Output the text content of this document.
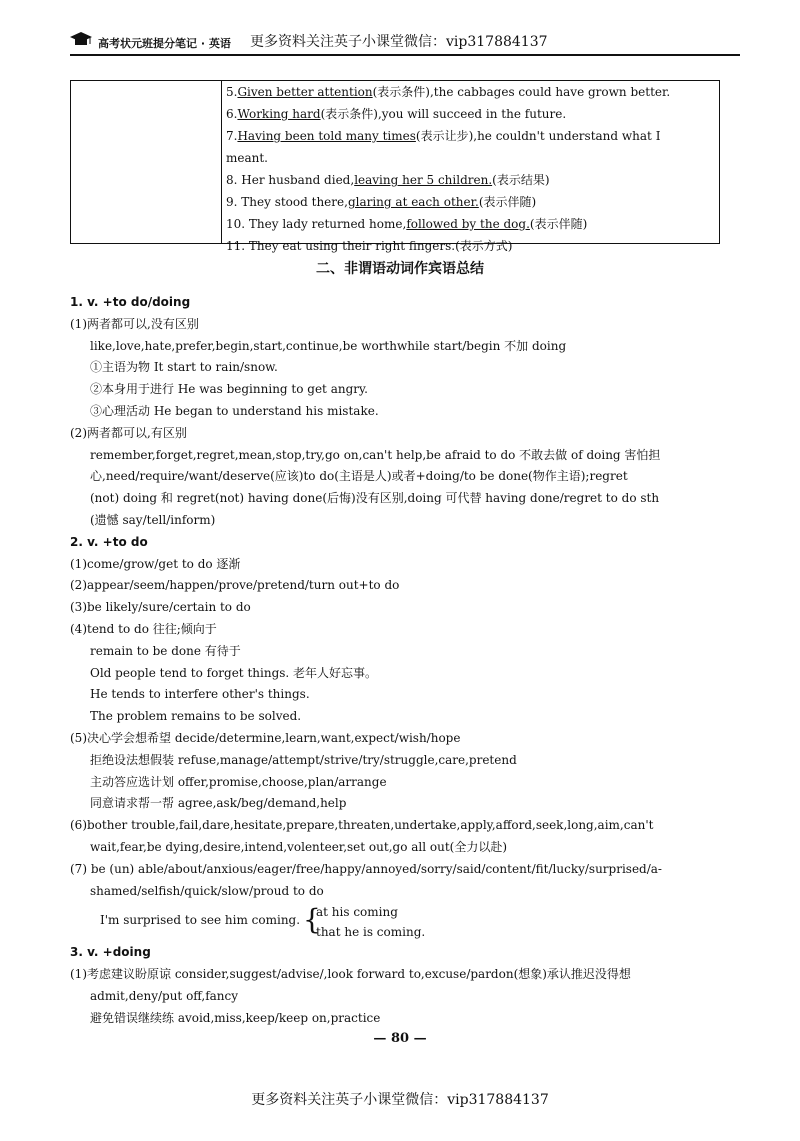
高考状元班提分笔记 · 英语 更多资料关注英子小课堂微信：vip317884137
5.Given better attention(表示条件),the cabbages could have grown better.
6.Working hard(表示条件),you will succeed in the future.
7.Having been told many times(表示让步),he couldn't understand what I
meant.
8. Her husband died,leaving her 5 children.(表示结果)
9. They stood there,glaring at each other.(表示伴随)
10. They lady returned home,followed by the dog.(表示伴随)
11. They eat using their right fingers.(表示方式)
二、非谓语动词作宾语总结
1. v. +to do/doing
(1)两者都可以,没有区别
like,love,hate,prefer,begin,start,continue,be worthwhile start/begin 不加 doing
①主语为物 It start to rain/snow.
②本身用于进行 He was beginning to get angry.
③心理活动 He began to understand his mistake.
(2)两者都可以,有区别
remember,forget,regret,mean,stop,try,go on,can't help,be afraid to do 不敢去做 of doing 害怕担
心,need/require/want/deserve(应该)to do(主语是人)或者+doing/to be done(物作主语);regret
(not) doing 和 regret(not) having done(后悔)没有区别,doing 可代替 having done/regret to do sth
(遗憾 say/tell/inform)
2. v. +to do
(1)come/grow/get to do 逐渐
(2)appear/seem/happen/prove/pretend/turn out+to do
(3)be likely/sure/certain to do
(4)tend to do 往往;倾向于
remain to be done 有待于
Old people tend to forget things. 老年人好忘事。
He tends to interfere other's things.
The problem remains to be solved.
(5)决心学会想希望 decide/determine,learn,want,expect/wish/hope
拒绝设法想假装 refuse,manage/attempt/strive/try/struggle,care,pretend
主动答应选计划 offer,promise,choose,plan/arrange
同意请求帮一帮 agree,ask/beg/demand,help
(6)bother trouble,fail,dare,hesitate,prepare,threaten,undertake,apply,afford,seek,long,aim,can't
wait,fear,be dying,desire,intend,volenteer,set out,go all out(全力以赴)
(7) be (un) able/about/anxious/eager/free/happy/annoyed/sorry/said/content/fit/lucky/surprised/a-
shamed/selfish/quick/slow/proud to do
I'm surprised to see him coming. {
at his coming
that he is coming.
3. v. +doing
(1)考虑建议盼原谅 consider,suggest/advise/,look forward to,excuse/pardon(想象)承认推迟没得想
admit,deny/put off,fancy
避免错误继续练 avoid,miss,keep/keep on,practice
— 80 —
更多资料关注英子小课堂微信：vip317884137
